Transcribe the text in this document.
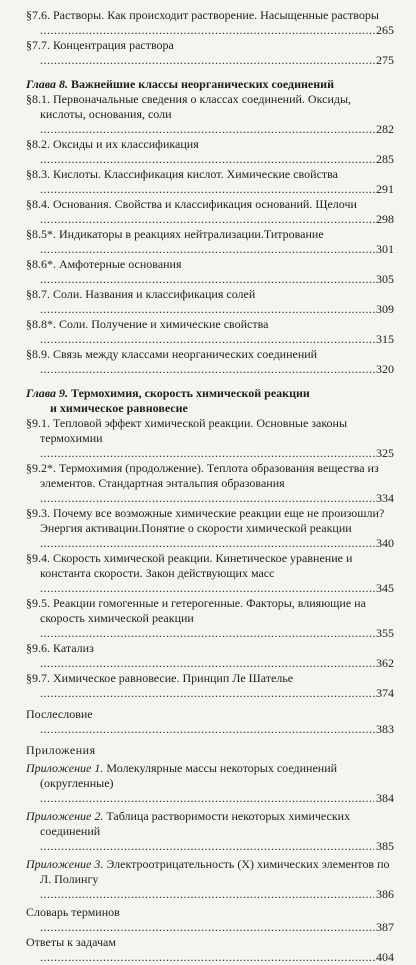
§7.6. Растворы. Как происходит растворение. Насыщенные растворы .....
265
§7.7. Концентрация раствора .....
275
Глава 8. Важнейшие классы неорганических соединений
§8.1. Первоначальные сведения о классах соединений. Оксиды, кислоты, основания, соли .....
282
§8.2. Оксиды и их классификация .....
285
§8.3. Кислоты. Классификация кислот. Химические свойства .....
291
§8.4. Основания. Свойства и классификация оснований. Щелочи .....
298
§8.5*. Индикаторы в реакциях нейтрализации.Титрование .....
301
§8.6*. Амфотерные основания .....
305
§8.7. Соли. Названия и классификация солей .....
309
§8.8*. Соли. Получение и химические свойства .....
315
§8.9. Связь между классами неорганических соединений .....
320
Глава 9. Термохимия, скорость химической реакции
и химическое равновесие
§9.1. Тепловой эффект химической реакции. Основные законы термохимии .....
325
§9.2*. Термохимия (продолжение). Теплота образования вещества из элементов. Стандартная энтальпия образования .....
334
§9.3. Почему все возможные химические реакции еще не произошли? Энергия активации.Понятие о скорости химической реакции .....
340
§9.4. Скорость химической реакции. Кинетическое уравнение и константа скорости. Закон действующих масс .....
345
§9.5. Реакции гомогенные и гетерогенные. Факторы, влияющие на скорость химической реакции .....
355
§9.6. Катализ .....
362
§9.7. Химическое равновесие. Принцип Ле Шателье .....
374
Послесловие .....
383
Приложения
Приложение 1. Молекулярные массы некоторых соединений (округленные) .....
384
Приложение 2. Таблица растворимости некоторых химических соединений .....
385
Приложение 3. Электроотрицательность (X) химических элементов по Л. Полингу .....
386
Словарь терминов .....
387
Ответы к задачам .....
404
